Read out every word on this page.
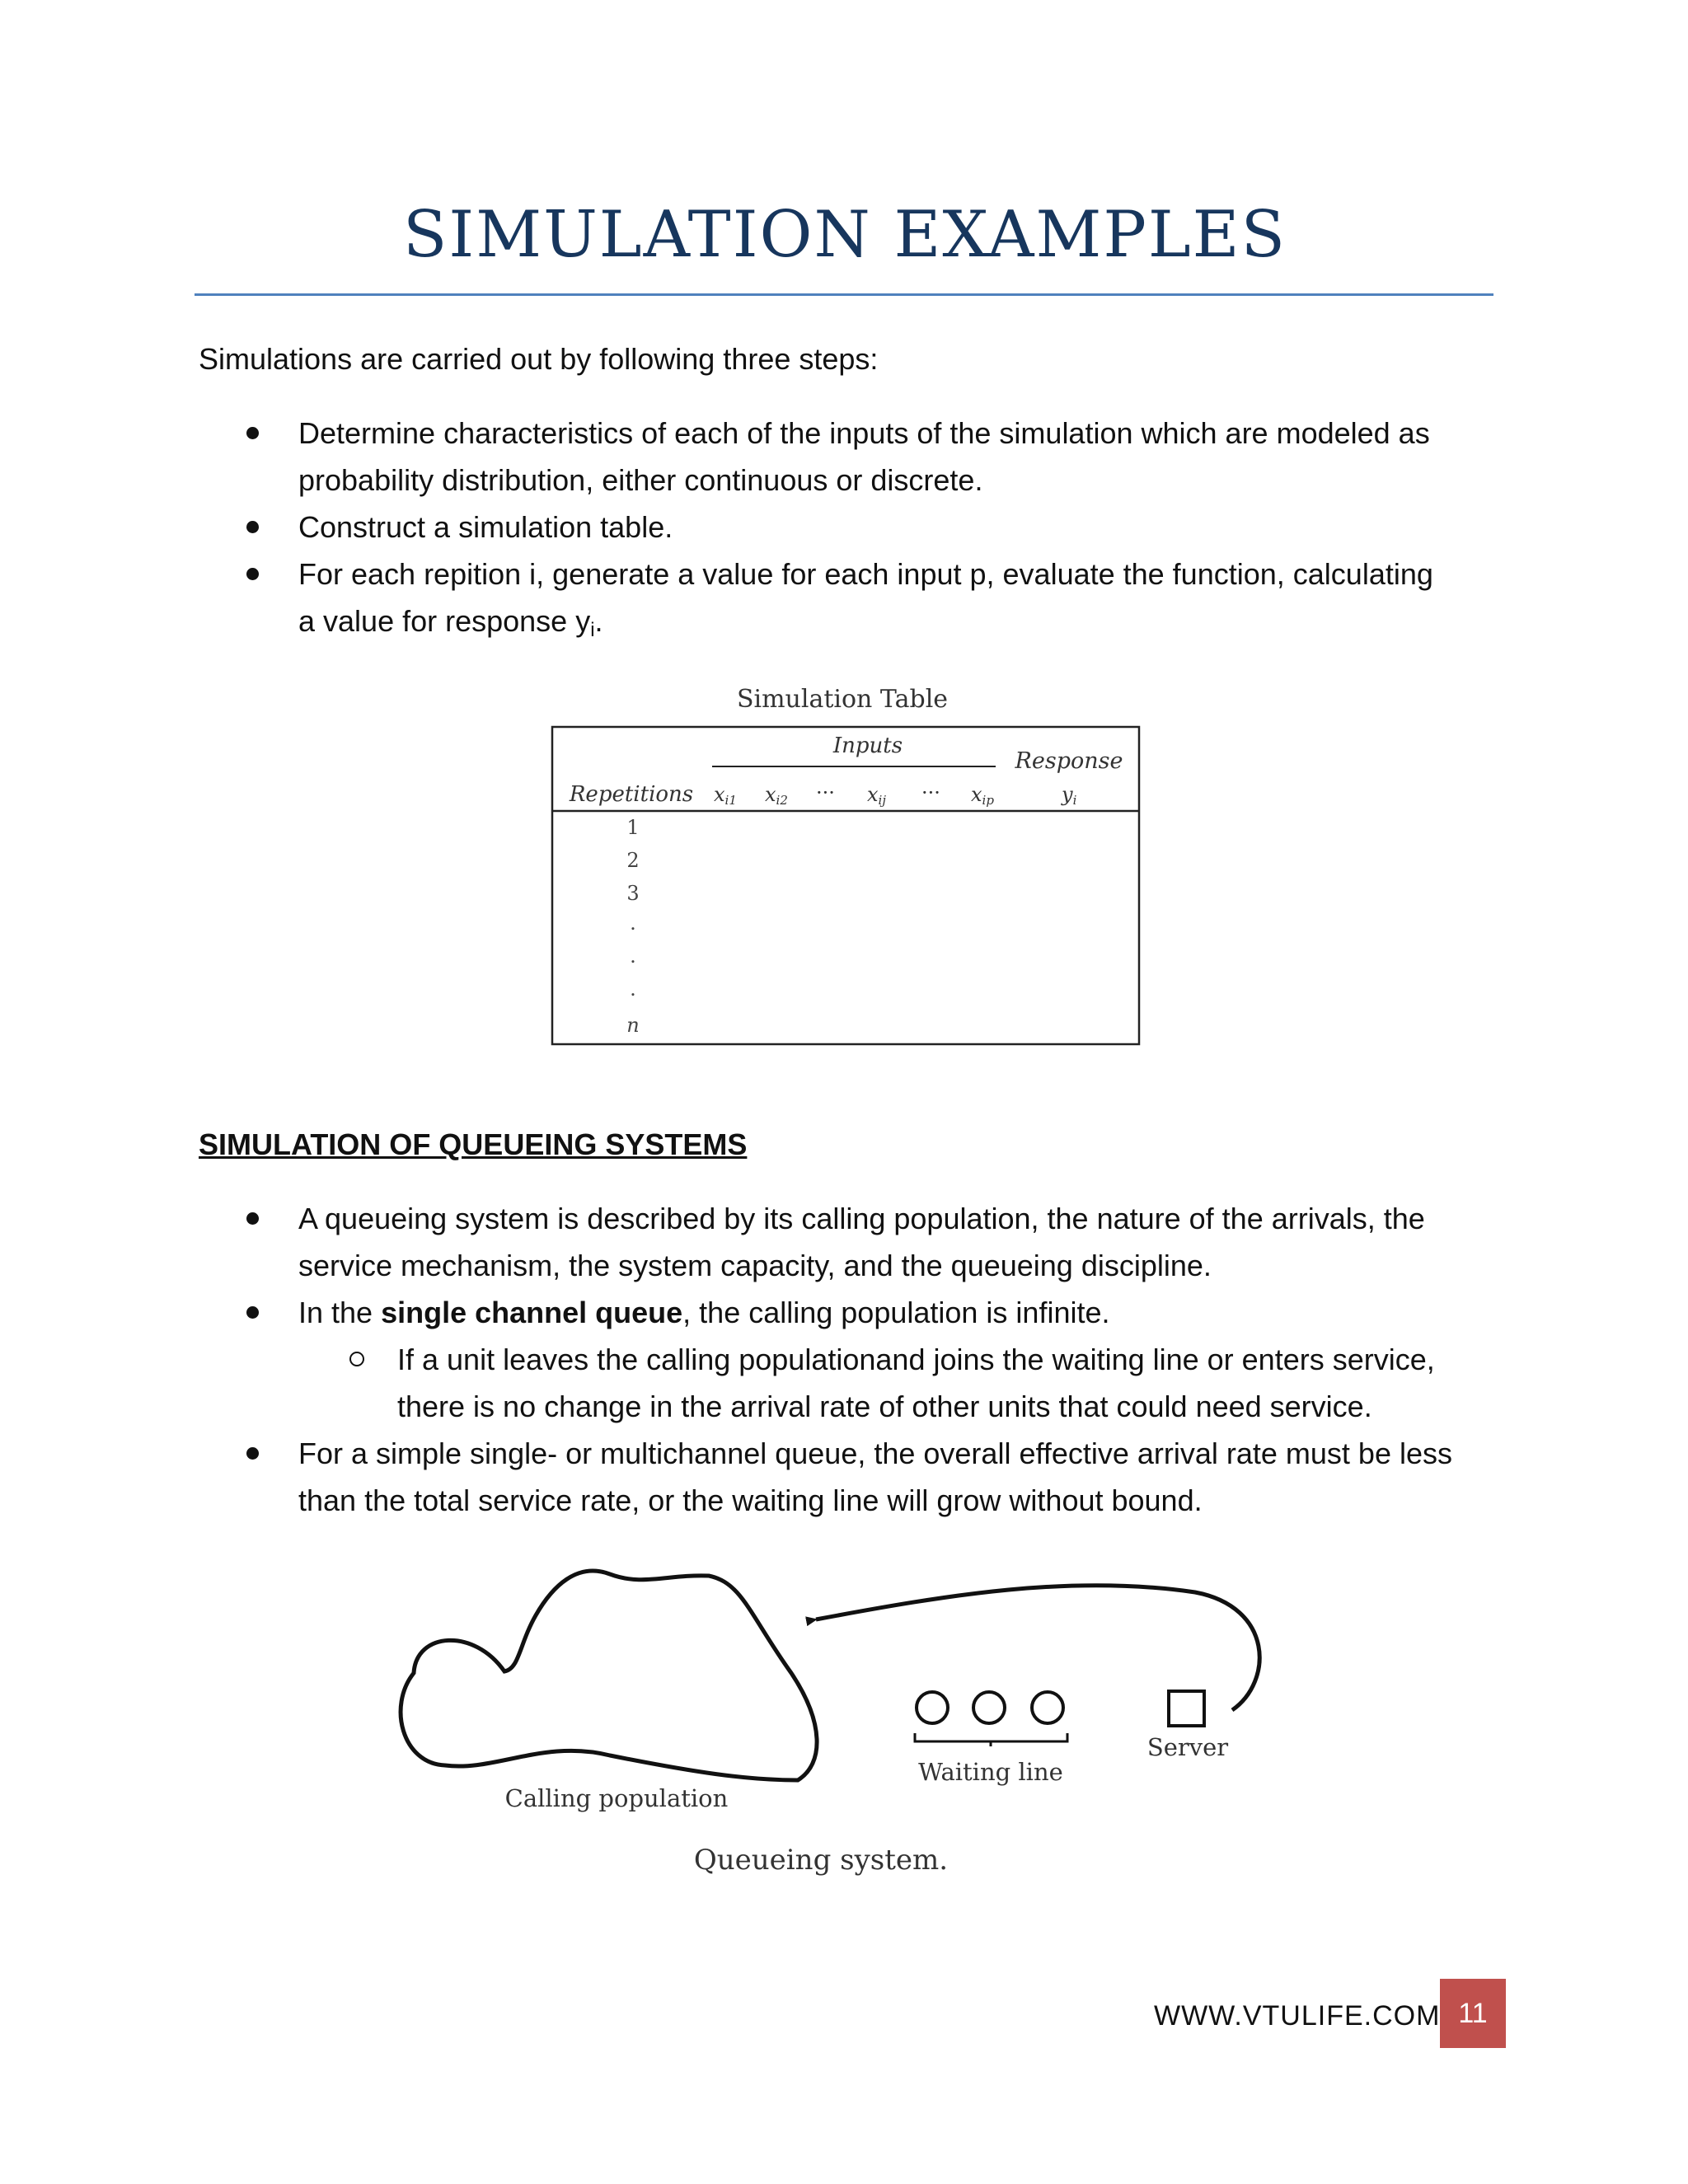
SIMULATION EXAMPLES
Simulations are carried out by following three steps:
Determine characteristics of each of the inputs of the simulation which are modeled as
probability distribution, either continuous or discrete.
Construct a simulation table.
For each repition i, generate a value for each input p, evaluate the function, calculating
a value for response yi.
Simulation Table
Inputs
Response
Repetitions xi1 xi2 ··· xij ··· xip	yi
1
2
3
.
.
.
n
SIMULATION OF QUEUEING SYSTEMS
A queueing system is described by its calling population, the nature of the arrivals, the
service mechanism, the system capacity, and the queueing discipline.
In the single channel queue, the calling population is infinite.
If a unit leaves the calling populationand joins the waiting line or enters service,
there is no change in the arrival rate of other units that could need service.
For a simple single- or multichannel queue, the overall effective arrival rate must be less
than the total service rate, or the waiting line will grow without bound.
Waiting line
Server
Calling population
Queueing system.
WWW.VTULIFE.COM 11
